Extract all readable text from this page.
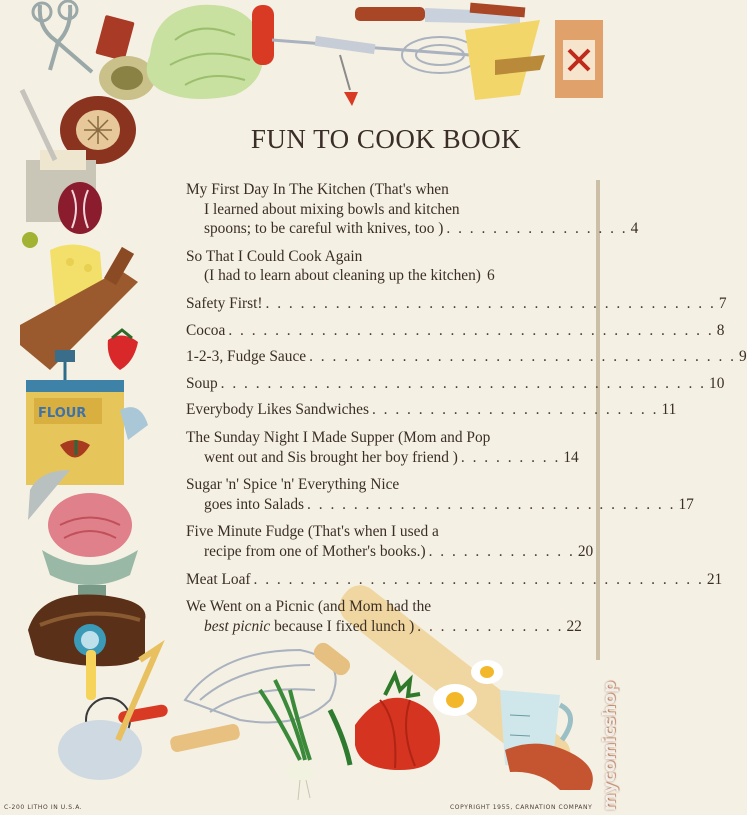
FLOUR
FUN TO COOK BOOK
My First Day In The Kitchen (That's when
I learned about mixing bowls and kitchen
spoons; to be careful with knives, too ) . . . . . . . . . . . . . . . . 4
So That I Could Cook Again
(I had to learn about cleaning up the kitchen) 6
Safety First! . . . . . . . . . . . . . . . . . . . . . . . . . . . . . . . . . . . . . . . 7
Cocoa . . . . . . . . . . . . . . . . . . . . . . . . . . . . . . . . . . . . . . . . . . 8
1-2-3, Fudge Sauce . . . . . . . . . . . . . . . . . . . . . . . . . . . . . . . . . . . . . 9
Soup . . . . . . . . . . . . . . . . . . . . . . . . . . . . . . . . . . . . . . . . . . 10
Everybody Likes Sandwiches . . . . . . . . . . . . . . . . . . . . . . . . . 11
The Sunday Night I Made Supper (Mom and Pop
went out and Sis brought her boy friend ) . . . . . . . . . 14
Sugar 'n' Spice 'n' Everything Nice
goes into Salads . . . . . . . . . . . . . . . . . . . . . . . . . . . . . . . . 17
Five Minute Fudge (That's when I used a
recipe from one of Mother's books.) . . . . . . . . . . . . . 20
Meat Loaf . . . . . . . . . . . . . . . . . . . . . . . . . . . . . . . . . . . . . . . 21
We Went on a Picnic (and Mom had the
best picnic because I fixed lunch ) . . . . . . . . . . . . . 22
C-200 LITHO IN U.S.A.	COPYRIGHT 1955, CARNATION COMPANY mycomicshop
